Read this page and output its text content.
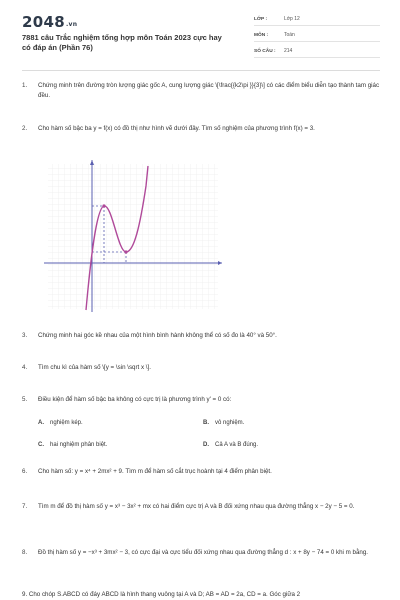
2048.vn
7881 câu Trắc nghiệm tổng hợp môn Toán 2023 cực hay có đáp án (Phần 76)
LỚP :	Lớp 12
MÔN :	Toán
SỐ CÂU :	214
1.	Chứng minh trên đường tròn lượng giác gốc A, cung lượng giác \[\frac{{k2\pi }}{3}\] có các điểm biểu diễn tạo thành tam giác đều.
2.	Cho hàm số bậc ba y = f(x) có đồ thị như hình vẽ dưới đây. Tìm số nghiệm của phương trình f(x) = 3.
3.	Chứng minh hai góc kề nhau của một hình bình hành không thể có số đo là 40° và 50°.
4.	Tìm chu kì của hàm số \[y = \sin \sqrt x \].
5.	Điều kiện để hàm số bậc ba không có cực trị là phương trình y' = 0 có:
A.	nghiệm kép.	B.	vô nghiệm.
C.	hai nghiệm phân biệt.	D.	Cả A và B đúng.
6.	Cho hàm số: y = x⁴ + 2mx² + 9. Tìm m để hàm số cắt trục hoành tại 4 điểm phân biệt.
7.	Tìm m để đồ thị hàm số y = x³ − 3x² + mx có hai điểm cực trị A và B đối xứng nhau qua đường thẳng x − 2y − 5 = 0.
8.	Đồ thị hàm số y = −x³ + 3mx² − 3, có cực đại và cực tiểu đối xứng nhau qua đường thẳng d : x + 8y − 74 = 0 khi m bằng.
9. Cho chóp S.ABCD có đáy ABCD là hình thang vuông tại A và D; AB = AD = 2a, CD = a. Góc giữa 2
